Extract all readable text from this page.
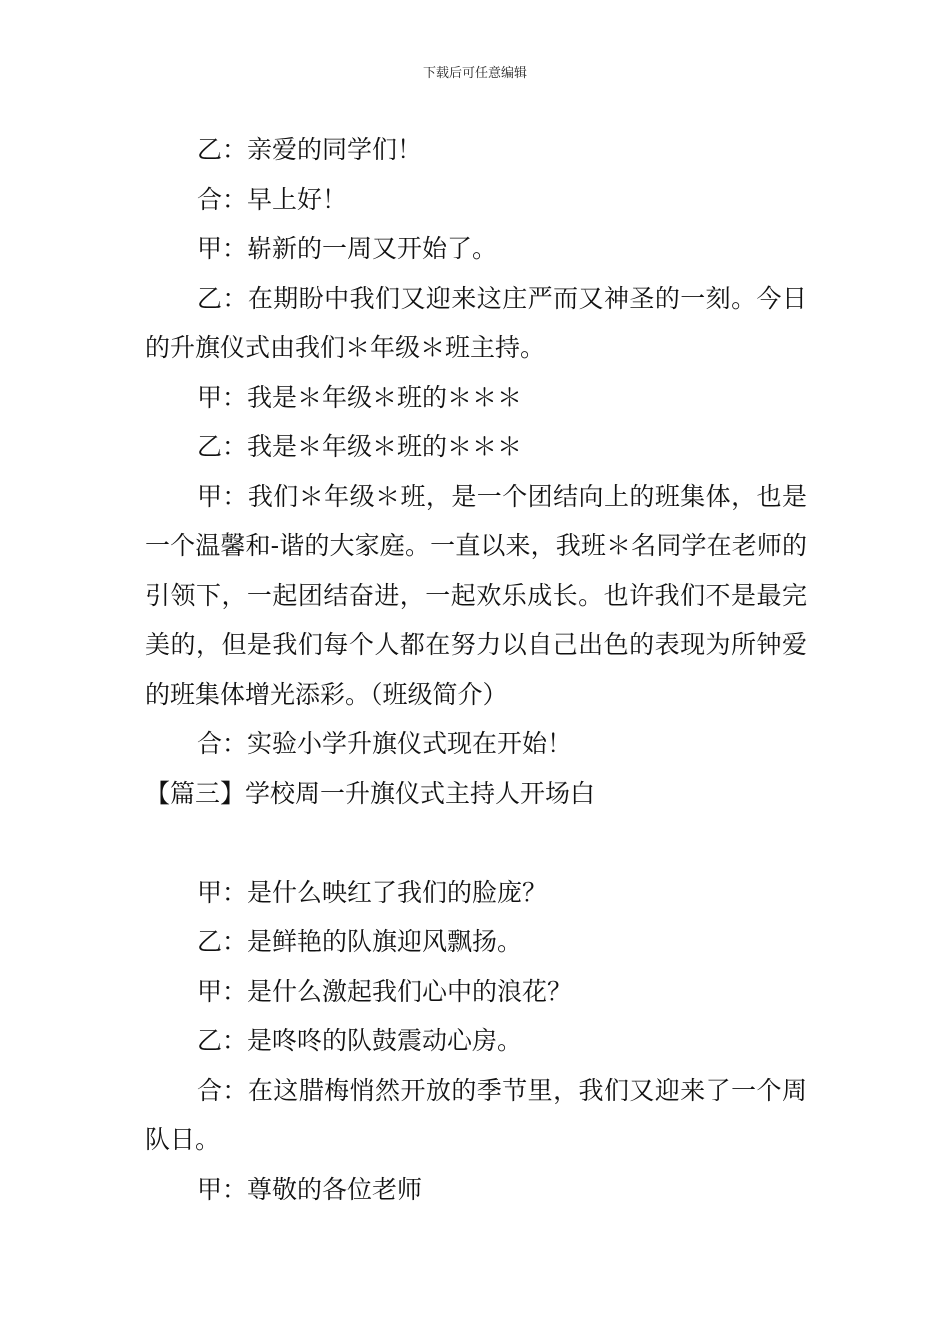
下载后可任意编辑

乙：亲爱的同学们！

合：早上好！

甲：崭新的一周又开始了。

乙：在期盼中我们又迎来这庄严而又神圣的一刻。今日的升旗仪式由我们＊年级＊班主持。

甲：我是＊年级＊班的＊＊＊

乙：我是＊年级＊班的＊＊＊

甲：我们＊年级＊班，是一个团结向上的班集体，也是一个温馨和-谐的大家庭。一直以来，我班＊名同学在老师的引领下，一起团结奋进，一起欢乐成长。也许我们不是最完美的，但是我们每个人都在努力以自己出色的表现为所钟爱的班集体增光添彩。（班级简介）

合：实验小学升旗仪式现在开始！

【篇三】学校周一升旗仪式主持人开场白

甲：是什么映红了我们的脸庞？

乙：是鲜艳的队旗迎风飘扬。

甲：是什么激起我们心中的浪花？

乙：是咚咚的队鼓震动心房。

合：在这腊梅悄然开放的季节里，我们又迎来了一个周队日。

甲：尊敬的各位老师
